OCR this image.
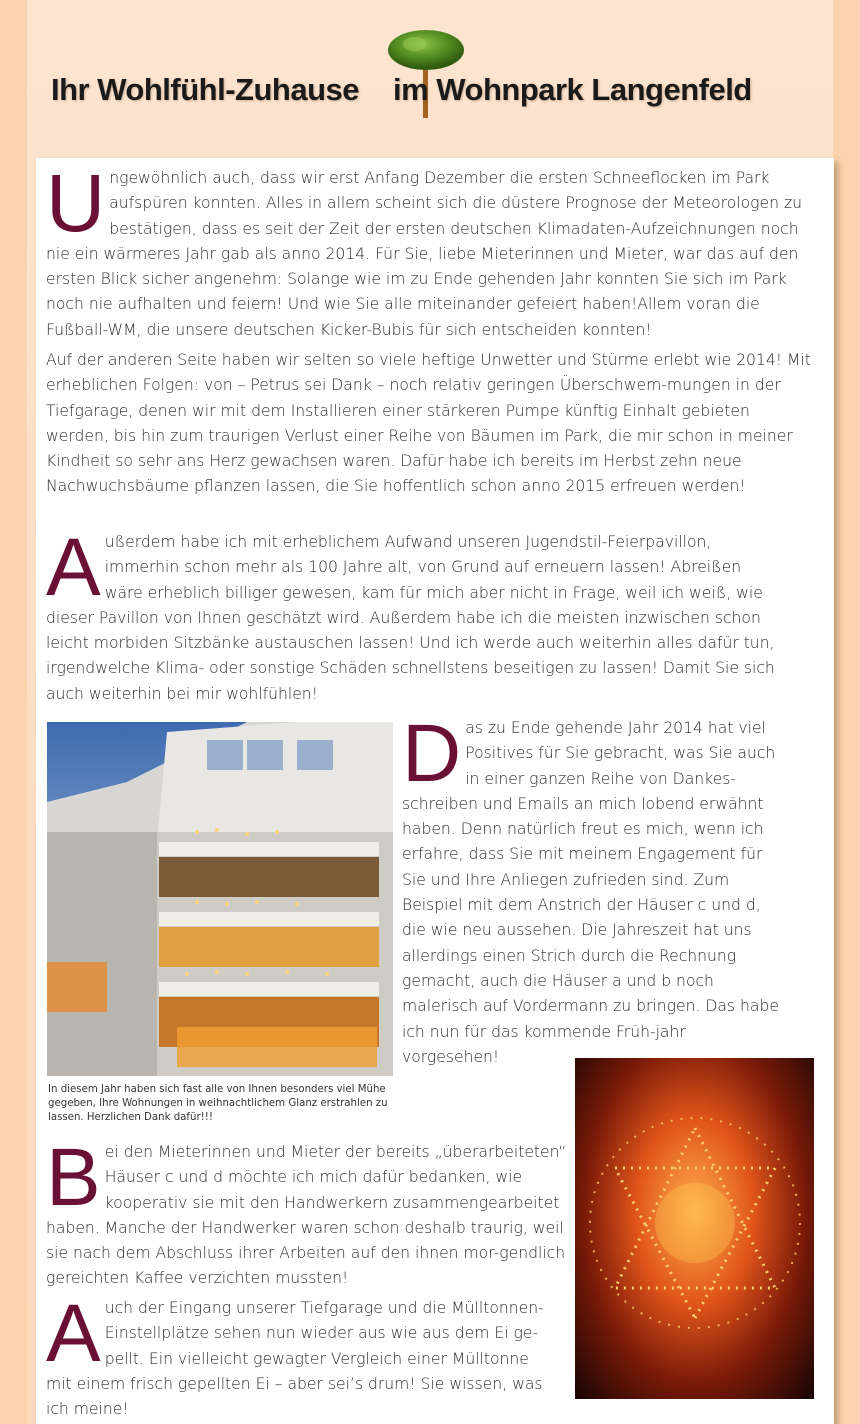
Ihr Wohlfühl-Zuhause im Wohnpark Langenfeld

Ungewöhnlich auch, dass wir erst Anfang Dezember die ersten Schneeflocken im Park aufspüren konnten. Alles in allem scheint sich die düstere Prognose der Meteorologen zu bestätigen, dass es seit der Zeit der ersten deutschen Klimadaten-Aufzeichnungen noch nie ein wärmeres Jahr gab als anno 2014. Für Sie, liebe Mieterinnen und Mieter, war das auf den ersten Blick sicher angenehm: Solange wie im zu Ende gehenden Jahr konnten Sie sich im Park noch nie aufhalten und feiern! Und wie Sie alle miteinander gefeiert haben!Allem voran die Fußball-WM, die unsere deutschen Kicker-Bubis für sich entscheiden konnten!

Auf der anderen Seite haben wir selten so viele heftige Unwetter und Stürme erlebt wie 2014! Mit erheblichen Folgen: von – Petrus sei Dank – noch relativ geringen Überschwem-mungen in der Tiefgarage, denen wir mit dem Installieren einer stärkeren Pumpe künftig Einhalt gebieten werden, bis hin zum traurigen Verlust einer Reihe von Bäumen im Park, die mir schon in meiner Kindheit so sehr ans Herz gewachsen waren. Dafür habe ich bereits im Herbst zehn neue Nachwuchsbäume pflanzen lassen, die Sie hoffentlich schon anno 2015 erfreuen werden!

Außerdem habe ich mit erheblichem Aufwand unseren Jugendstil-Feierpavillon, immerhin schon mehr als 100 Jahre alt, von Grund auf erneuern lassen! Abreißen wäre erheblich billiger gewesen, kam für mich aber nicht in Frage, weil ich weiß, wie dieser Pavillon von Ihnen geschätzt wird. Außerdem habe ich die meisten inzwischen schon leicht morbiden Sitzbänke austauschen lassen! Und ich werde auch weiterhin alles dafür tun, irgendwelche Klima- oder sonstige Schäden schnellstens beseitigen zu lassen! Damit Sie sich auch weiterhin bei mir wohlfühlen!

Das zu Ende gehende Jahr 2014 hat viel Positives für Sie gebracht, was Sie auch in einer ganzen Reihe von Dankes-schreiben und Emails an mich lobend erwähnt haben. Denn natürlich freut es mich, wenn ich erfahre, dass Sie mit meinem Engagement für Sie und Ihre Anliegen zufrieden sind. Zum Beispiel mit dem Anstrich der Häuser c und d, die wie neu aussehen. Die Jahreszeit hat uns allerdings einen Strich durch die Rechnung gemacht, auch die Häuser a und b noch malerisch auf Vordermann zu bringen. Das habe ich nun für das kommende Früh-jahr vorgesehen!

In diesem Jahr haben sich fast alle von Ihnen besonders viel Mühe gegeben, Ihre Wohnungen in weihnachtlichem Glanz erstrahlen zu lassen. Herzlichen Dank dafür!!!

Bei den Mieterinnen und Mieter der bereits „überarbeiteten“ Häuser c und d möchte ich mich dafür bedanken, wie kooperativ sie mit den Handwerkern zusammengearbeitet haben. Manche der Handwerker waren schon deshalb traurig, weil sie nach dem Abschluss ihrer Arbeiten auf den ihnen mor-gendlich gereichten Kaffee verzichten mussten!

Auch der Eingang unserer Tiefgarage und die Mülltonnen-Einstellplätze sehen nun wieder aus wie aus dem Ei ge-pellt. Ein vielleicht gewagter Vergleich einer Mülltonne mit einem frisch gepellten Ei – aber sei’s drum! Sie wissen, was ich meine!
